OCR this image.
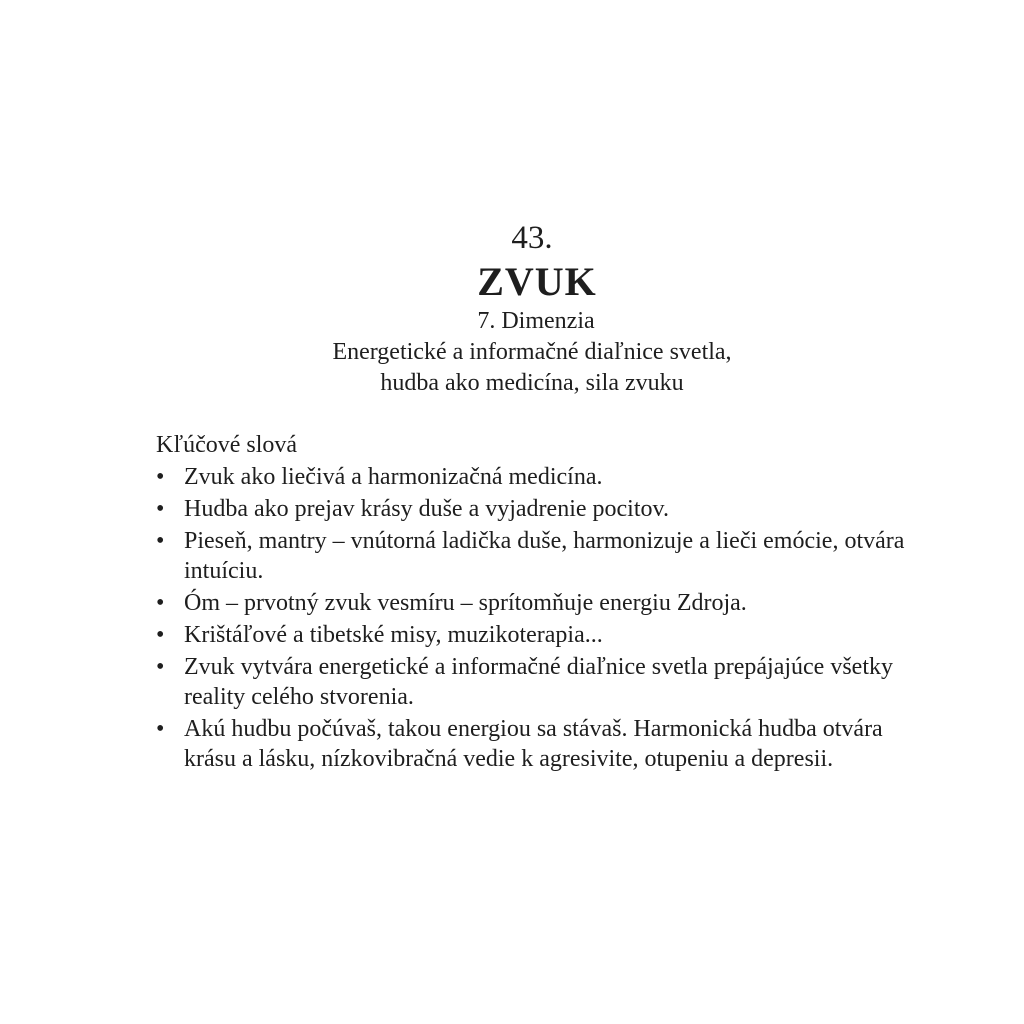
43.
ZVUK
7. Dimenzia
Energetické a informačné diaľnice svetla,
hudba ako medicína, sila zvuku
Kľúčové slová
• Zvuk ako liečivá a harmonizačná medicína.
• Hudba ako prejav krásy duše a vyjadrenie pocitov.
• Pieseň, mantry – vnútorná ladička duše, harmonizuje a lieči emócie, otvára intuíciu.
• Óm – prvotný zvuk vesmíru – sprítomňuje energiu Zdroja.
• Krištáľové a tibetské misy, muzikoterapia...
• Zvuk vytvára energetické a informačné diaľnice svetla prepájajúce všetky reality celého stvorenia.
• Akú hudbu počúvaš, takou energiou sa stávaš. Harmonická hudba otvára krásu a lásku, nízkovibračná vedie k agresivite, otupeniu a depresii.
